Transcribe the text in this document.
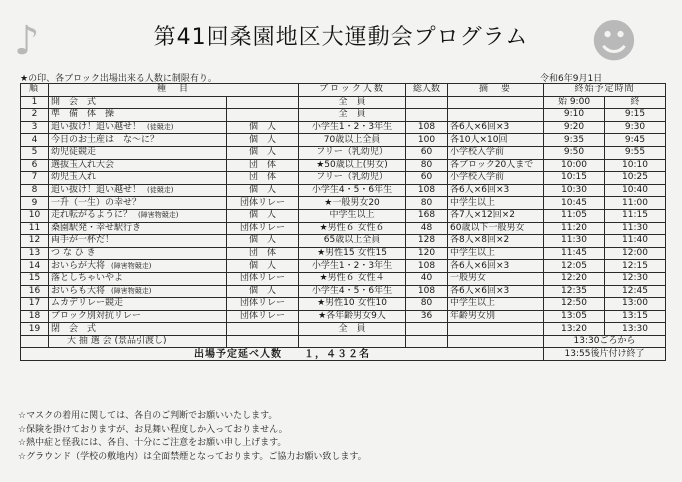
♪	☻
第41回桑園地区大運動会プログラム
★の印、各ブロック出場出来る人数に制限有り。	令和6年9月1日
順	種　目		ブロック人数	総人数	摘　要	終始予定時間	
1	開　会　式		全　員			始 9:00	終
2	準　備　体　操		全　員			9:10	9:15
3	追い抜け！追い越せ！ (徒競走)	個　人	小学生1・2・3年生	108	各6人×6回×3	9:20	9:30
4	今日のお土産は　な～に？	個　人	70歳以上全員	100	各10人×10回	9:35	9:45
5	幼児徒競走	個　人	フリー（乳幼児）	60	小学校入学前	9:50	9:55
6	選抜玉入れ大会	団　体	★50歳以上(男女)	80	各ブロック20人まで	10:00	10:10
7	幼児玉入れ	団　体	フリー（乳幼児）	60	小学校入学前	10:15	10:25
8	追い抜け！追い越せ！ (徒競走)	個　人	小学生4・5・6年生	108	各6人×6回×3	10:30	10:40
9	一升（一生）の幸せ？	団体リレー	★一般男女20	80	中学生以上	10:45	11:00
10	走れ転がるように？ (障害物競走)	個　人	中学生以上	168	各7人×12回×2	11:05	11:15
11	桑園駅発・幸せ駅行き	団体リレー	★男性６ 女性６	48	60歳以下一般男女	11:20	11:30
12	両手が一杯だ！	個　人	65歳以上全員	128	各8人×8回×2	11:30	11:40
13	つ な ひ き	団　体	★男性15 女性15	120	中学生以上	11:45	12:00
14	おいらが大将 (障害物競走)	個　人	小学生1・2・3年生	108	各6人×6回×3	12:05	12:15
15	落としちゃいやよ	団体リレー	★男性６ 女性４	40	一般男女	12:20	12:30
16	おいらも大将 (障害物競走)	個　人	小学生4・5・6年生	108	各6人×6回×3	12:35	12:45
17	ムカデリレー競走	団体リレー	★男性10 女性10	80	中学生以上	12:50	13:00
18	ブロック別対抗リレー	団体リレー	★各年齢男女9人	36	年齢男女別	13:05	13:15
19	閉　会　式		全　員			13:20	13:30
	大 抽 選 会 (景品引渡し)					13:30ごろから	
出場予定延べ人数　　１，４３２名						13:55後片付け終了	
☆マスクの着用に関しては、各自のご判断でお願いいたします。
☆保険を掛けておりますが、お見舞い程度しか入っておりません。
☆熱中症と怪我には、各自、十分にご注意をお願い申し上げます。
☆グラウンド（学校の敷地内）は全面禁煙となっております。ご協力お願い致します。
